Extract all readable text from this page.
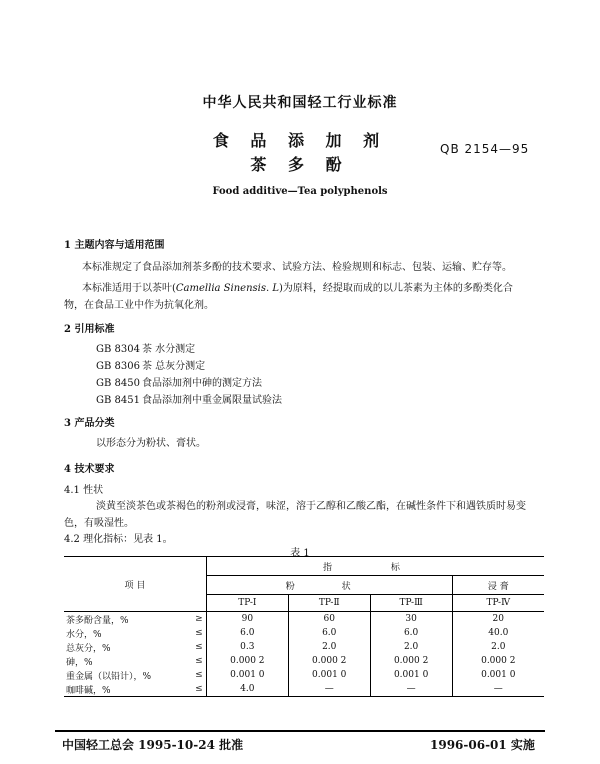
中华人民共和国轻工行业标准
食 品 添 加 剂
茶 多 酚
QB 2154—95
Food additive—Tea polyphenols
1 主题内容与适用范围
本标准规定了食品添加剂茶多酚的技术要求、试验方法、检验规则和标志、包装、运输、贮存等。
本标准适用于以茶叶(Camellia Sinensis. L)为原料，经提取而成的以儿茶素为主体的多酚类化合
物，在食品工业中作为抗氧化剂。
2 引用标准
GB 8304 茶 水分测定
GB 8306 茶 总灰分测定
GB 8450 食品添加剂中砷的测定方法
GB 8451 食品添加剂中重金属限量试验法
3 产品分类
以形态分为粉状、膏状。
4 技术要求
4.1 性状
淡黄至淡茶色或茶褐色的粉剂或浸膏，味涩，溶于乙醇和乙酸乙酯，在碱性条件下和遇铁质时易变
色，有吸湿性。
4.2 理化指标：见表 1。
表 1
项 目		指 标			
		粉 状			浸 膏
		TP-Ⅰ	TP-Ⅱ	TP-Ⅲ	TP-Ⅳ
茶多酚含量，%	≥	90	60	30	20
水分，%	≤	6.0	6.0	6.0	40.0
总灰分，%	≤	0.3	2.0	2.0	2.0
砷，%	≤	0.000 2	0.000 2	0.000 2	0.000 2
重金属（以铅计），%	≤	0.001 0	0.001 0	0.001 0	0.001 0
咖啡碱，%	≤	4.0	—	—	—
中国轻工总会 1995-10-24 批准	1996-06-01 实施
